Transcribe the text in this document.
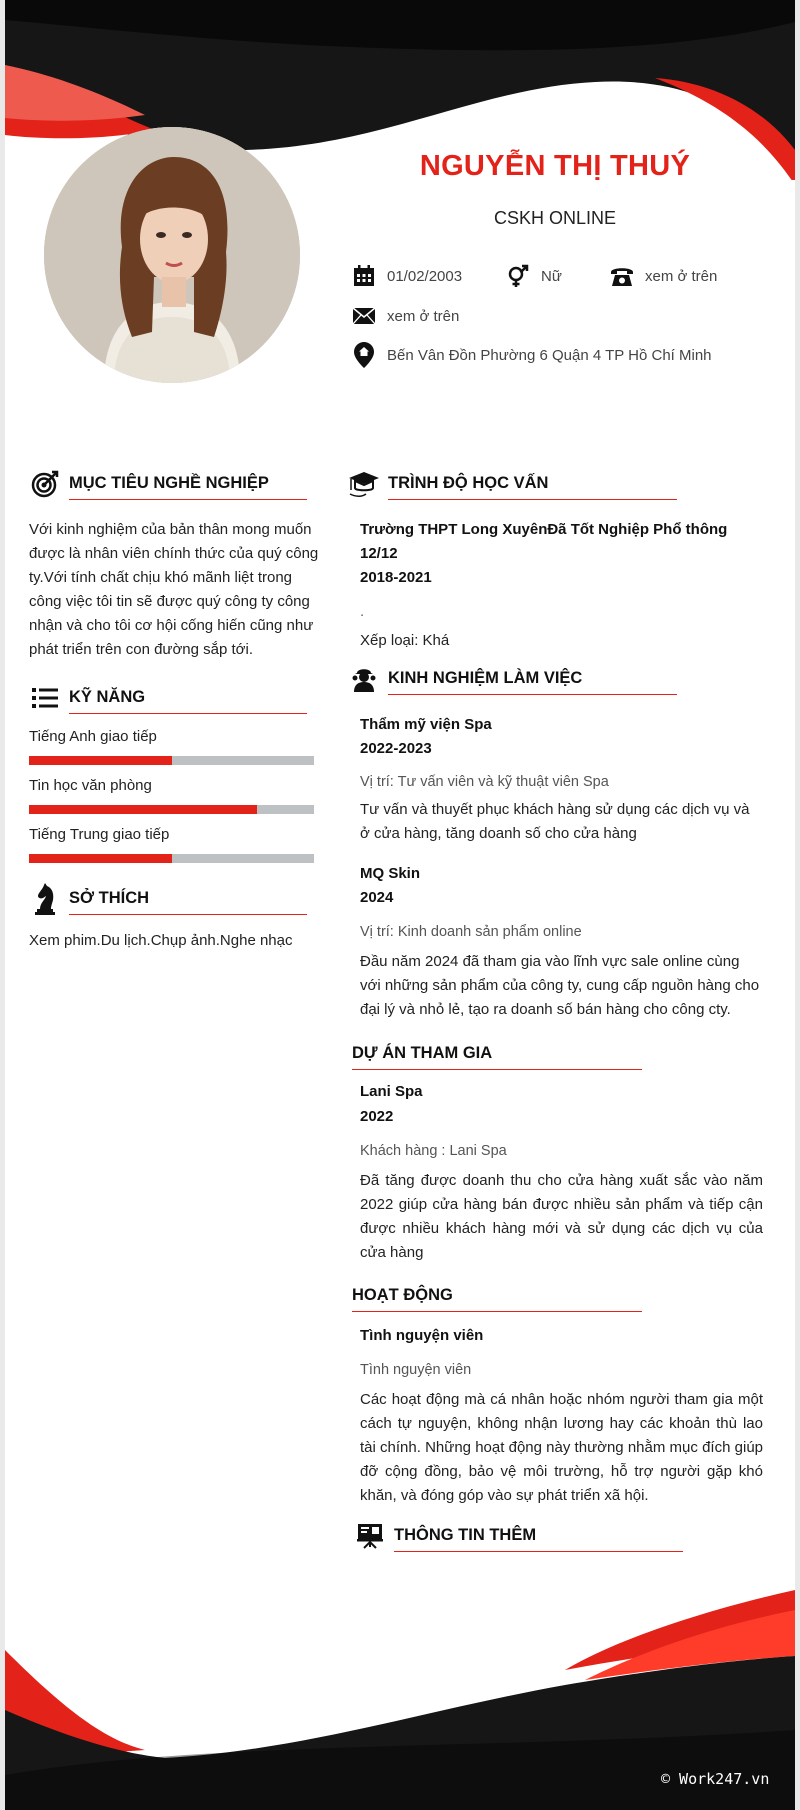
NGUYỄN THỊ THUÝ
CSKH ONLINE
01/02/2003	Nữ	xem ở trên
xem ở trên
Bến Vân Đồn Phường 6 Quận 4 TP Hồ Chí Minh
MỤC TIÊU NGHỀ NGHIỆP
Với kinh nghiệm của bản thân mong muốn được là nhân viên chính thức của quý công ty.Với tính chất chịu khó mãnh liệt trong công việc tôi tin sẽ được quý công ty công nhận và cho tôi cơ hội cống hiến cũng như phát triển trên con đường sắp tới.
KỸ NĂNG
Tiếng Anh giao tiếp
Tin học văn phòng
Tiếng Trung giao tiếp
SỞ THÍCH
Xem phim.Du lịch.Chụp ảnh.Nghe nhạc
TRÌNH ĐỘ HỌC VẤN
Trường THPT Long XuyênĐã Tốt Nghiệp Phổ thông 12/12
2018-2021
.
Xếp loại: Khá
KINH NGHIỆM LÀM VIỆC
Thẩm mỹ viện Spa
2022-2023
Vị trí: Tư vấn viên và kỹ thuật viên Spa
Tư vấn và thuyết phục khách hàng sử dụng các dịch vụ và ở cửa hàng, tăng doanh số cho cửa hàng
MQ Skin
2024
Vị trí: Kinh doanh sản phẩm online
Đầu năm 2024 đã tham gia vào lĩnh vực sale online cùng với những sản phẩm của công ty, cung cấp nguồn hàng cho đại lý và nhỏ lẻ, tạo ra doanh số bán hàng cho công cty.
DỰ ÁN THAM GIA
Lani Spa
2022
Khách hàng : Lani Spa
Đã tăng được doanh thu cho cửa hàng xuất sắc vào năm 2022 giúp cửa hàng bán được nhiều sản phẩm và tiếp cận được nhiều khách hàng mới và sử dụng các dịch vụ của cửa hàng
HOẠT ĐỘNG
Tình nguyện viên
Tình nguyện viên
Các hoạt động mà cá nhân hoặc nhóm người tham gia một cách tự nguyện, không nhận lương hay các khoản thù lao tài chính. Những hoạt động này thường nhằm mục đích giúp đỡ cộng đồng, bảo vệ môi trường, hỗ trợ người gặp khó khăn, và đóng góp vào sự phát triển xã hội.
THÔNG TIN THÊM
© Work247.vn
